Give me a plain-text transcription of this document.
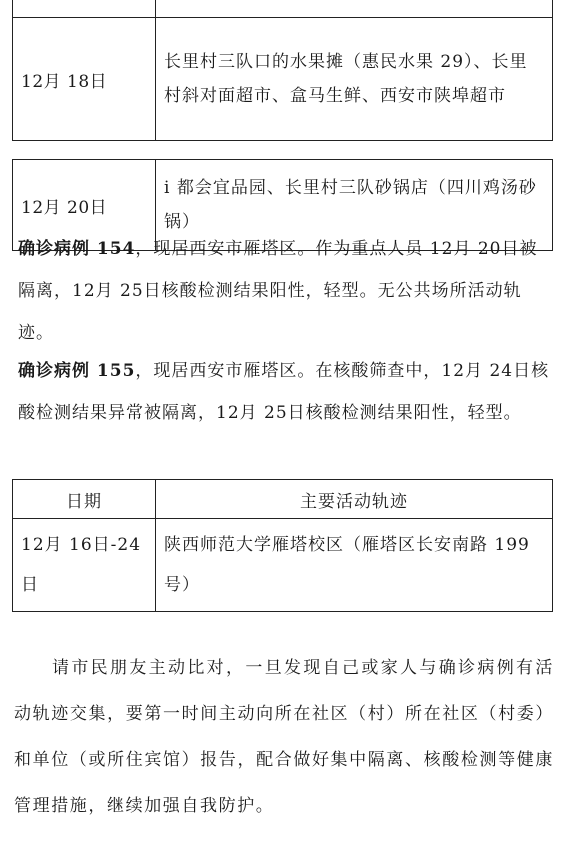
12月 18日	长里村三队口的水果摊（惠民水果 29）、长里村斜对面超市、盒马生鲜、西安市陕埠超市

12月 20日	i 都会宜品园、长里村三队砂锅店（四川鸡汤砂锅）
确诊病例 154，现居西安市雁塔区。作为重点人员 12月 20日被隔离，12月 25日核酸检测结果阳性，轻型。无公共场所活动轨迹。
确诊病例 155，现居西安市雁塔区。在核酸筛查中，12月 24日核酸检测结果异常被隔离，12月 25日核酸检测结果阳性，轻型。
日期	主要活动轨迹
12月 16日-24日	陕西师范大学雁塔校区（雁塔区长安南路 199号）
请市民朋友主动比对，一旦发现自己或家人与确诊病例有活动轨迹交集，要第一时间主动向所在社区（村）所在社区（村委）和单位（或所住宾馆）报告，配合做好集中隔离、核酸检测等健康管理措施，继续加强自我防护。
